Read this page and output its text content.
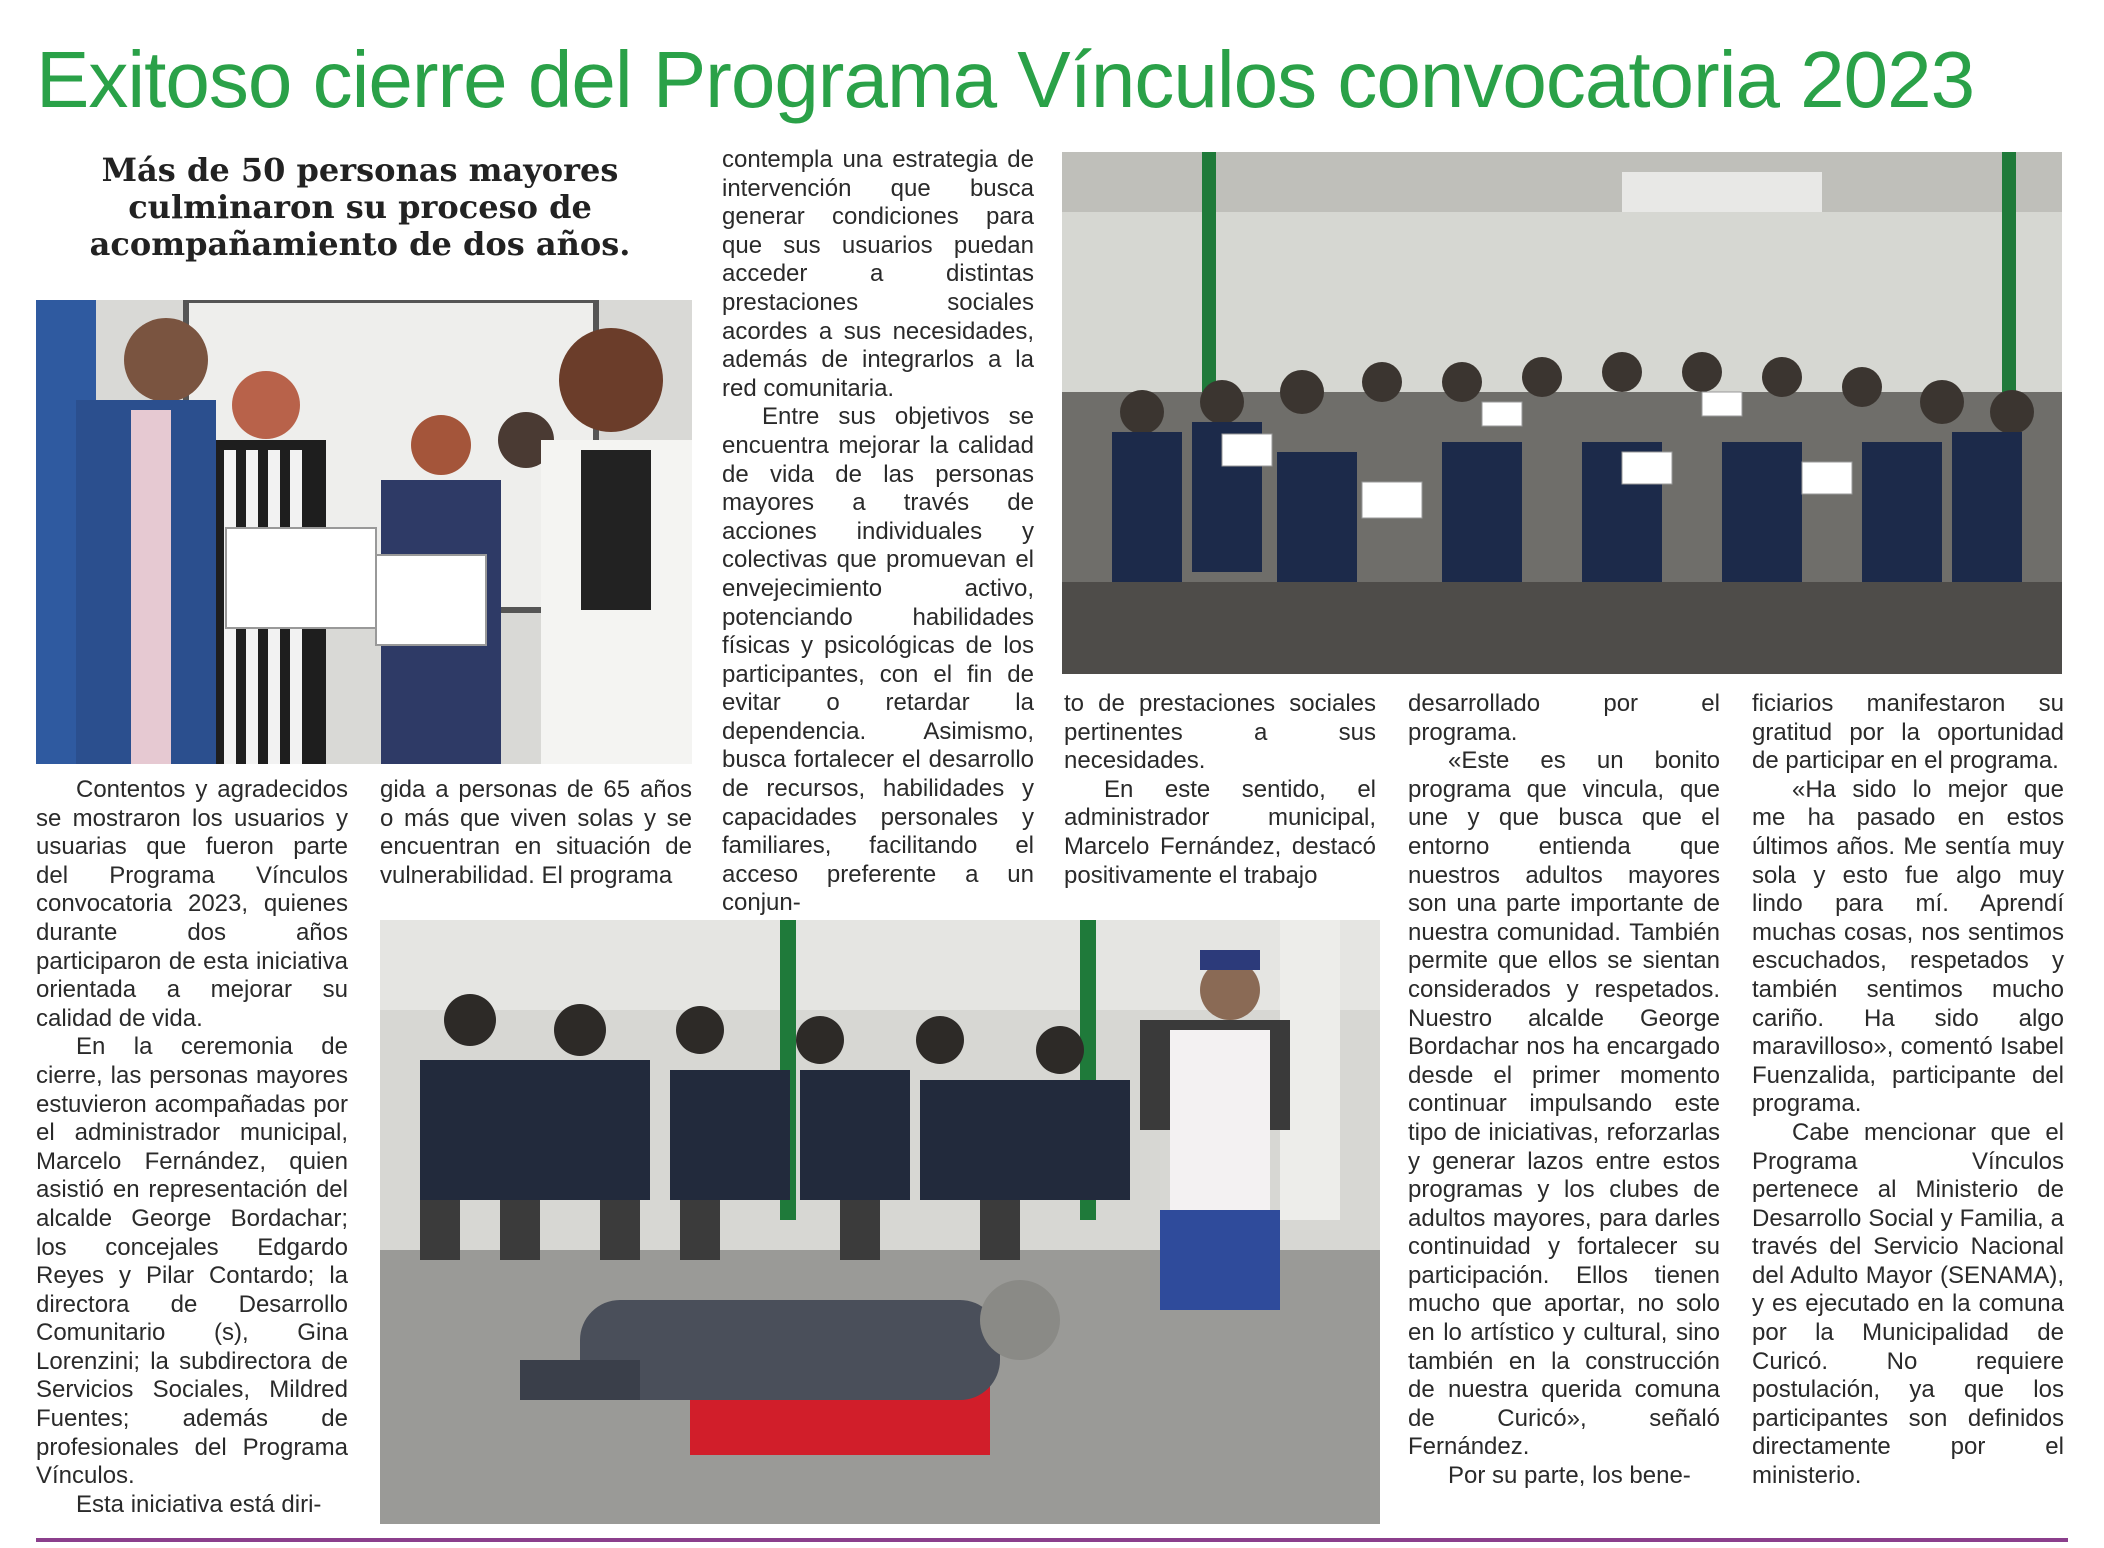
Exitoso cierre del Programa Vínculos convocatoria 2023
Más de 50 personas mayores culminaron su proceso de acompañamiento de dos años.

Contentos y agradecidos se mostraron los usuarios y usuarias que fueron parte del Programa Vínculos convocatoria 2023, quienes durante dos años participaron de esta iniciativa orientada a mejorar su calidad de vida.

En la ceremonia de cierre, las personas mayores estuvieron acompañadas por el administrador municipal, Marcelo Fernández, quien asistió en representación del alcalde George Bordachar; los concejales Edgardo Reyes y Pilar Contardo; la directora de Desarrollo Comunitario (s), Gina Lorenzini; la subdirectora de Servicios Sociales, Mildred Fuentes; además de profesionales del Programa Vínculos.

Esta iniciativa está diri-

gida a personas de 65 años o más que viven solas y se encuentran en situación de vulnerabilidad. El programa

contempla una estrategia de intervención que busca generar condiciones para que sus usuarios puedan acceder a distintas prestaciones sociales acordes a sus necesidades, además de integrarlos a la red comunitaria.

Entre sus objetivos se encuentra mejorar la calidad de vida de las personas mayores a través de acciones individuales y colectivas que promuevan el envejecimiento activo, potenciando habilidades físicas y psicológicas de los participantes, con el fin de evitar o retardar la dependencia. Asimismo, busca fortalecer el desarrollo de recursos, habilidades y capacidades personales y familiares, facilitando el acceso preferente a un conjun-

to de prestaciones sociales pertinentes a sus necesidades.

En este sentido, el administrador municipal, Marcelo Fernández, destacó positivamente el trabajo

desarrollado por el programa.

«Este es un bonito programa que vincula, que une y que busca que el entorno entienda que nuestros adultos mayores son una parte importante de nuestra comunidad. También permite que ellos se sientan considerados y respetados. Nuestro alcalde George Bordachar nos ha encargado desde el primer momento continuar impulsando este tipo de iniciativas, reforzarlas y generar lazos entre estos programas y los clubes de adultos mayores, para darles continuidad y fortalecer su participación. Ellos tienen mucho que aportar, no solo en lo artístico y cultural, sino también en la construcción de nuestra querida comuna de Curicó», señaló Fernández.

Por su parte, los bene-

ficiarios manifestaron su gratitud por la oportunidad de participar en el programa.

«Ha sido lo mejor que me ha pasado en estos últimos años. Me sentía muy sola y esto fue algo muy lindo para mí. Aprendí muchas cosas, nos sentimos escuchados, respetados y también sentimos mucho cariño. Ha sido algo maravilloso», comentó Isabel Fuenzalida, participante del programa.

Cabe mencionar que el Programa Vínculos pertenece al Ministerio de Desarrollo Social y Familia, a través del Servicio Nacional del Adulto Mayor (SENAMA), y es ejecutado en la comuna por la Municipalidad de Curicó. No requiere postulación, ya que los participantes son definidos directamente por el ministerio.
